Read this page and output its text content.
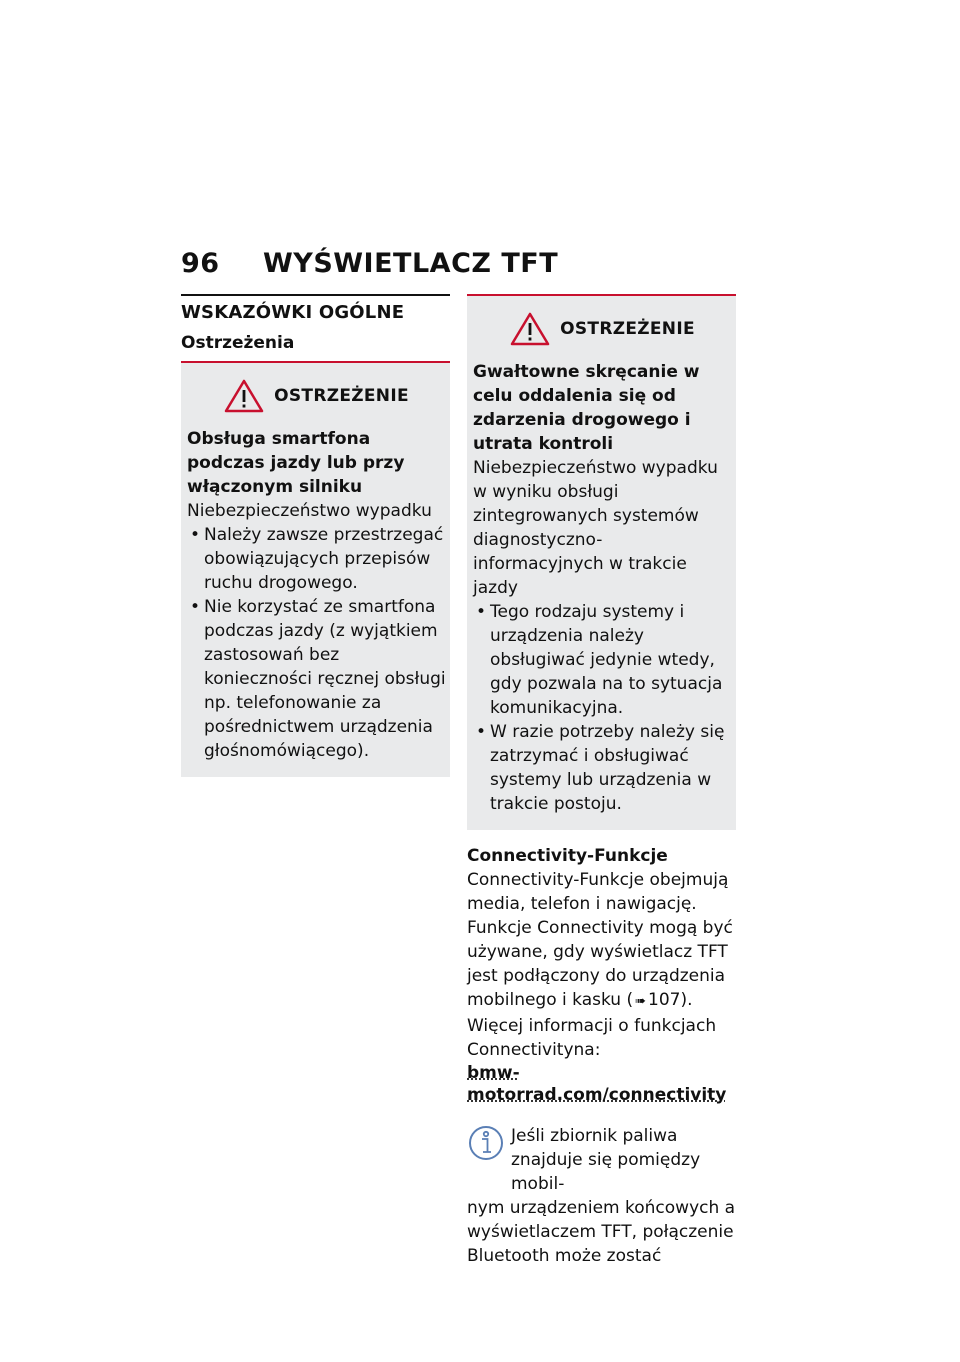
96 WYŚWIETLACZ TFT
WSKAZÓWKI OGÓLNE
Ostrzeżenia
OSTRZEŻENIE

Obsługa smartfona podczas jazdy lub przy włączonym silniku

Niebezpieczeństwo wypadku

• Należy zawsze przestrzegać obowiązujących przepisów ruchu drogowego.
• Nie korzystać ze smartfona podczas jazdy (z wyjątkiem zastosowań bez konieczności ręcznej obsługi np. telefonowanie za pośrednictwem urządzenia głośnomówiącego).
OSTRZEŻENIE

Gwałtowne skręcanie w celu oddalenia się od zdarzenia drogowego i utrata kontroli

Niebezpieczeństwo wypadku w wyniku obsługi zintegrowanych systemów diagnostyczno-informacyjnych w trakcie jazdy

• Tego rodzaju systemy i urządzenia należy obsługiwać jedynie wtedy, gdy pozwala na to sytuacja komunikacyjna.
• W razie potrzeby należy się zatrzymać i obsługiwać systemy lub urządzenia w trakcie postoju.
Connectivity-Funkcje

Connectivity-Funkcje obejmują media, telefon i nawigację. Funkcje Connectivity mogą być używane, gdy wyświetlacz TFT jest podłączony do urządzenia mobilnego i kasku ( ➠ 107). Więcej informacji o funkcjach Connectivityna:

bmw-motorrad.com/connectivity
Jeśli zbiornik paliwa znajduje się pomiędzy mobil-
nym urządzeniem końcowych a wyświetlaczem TFT, połączenie Bluetooth może zostać
